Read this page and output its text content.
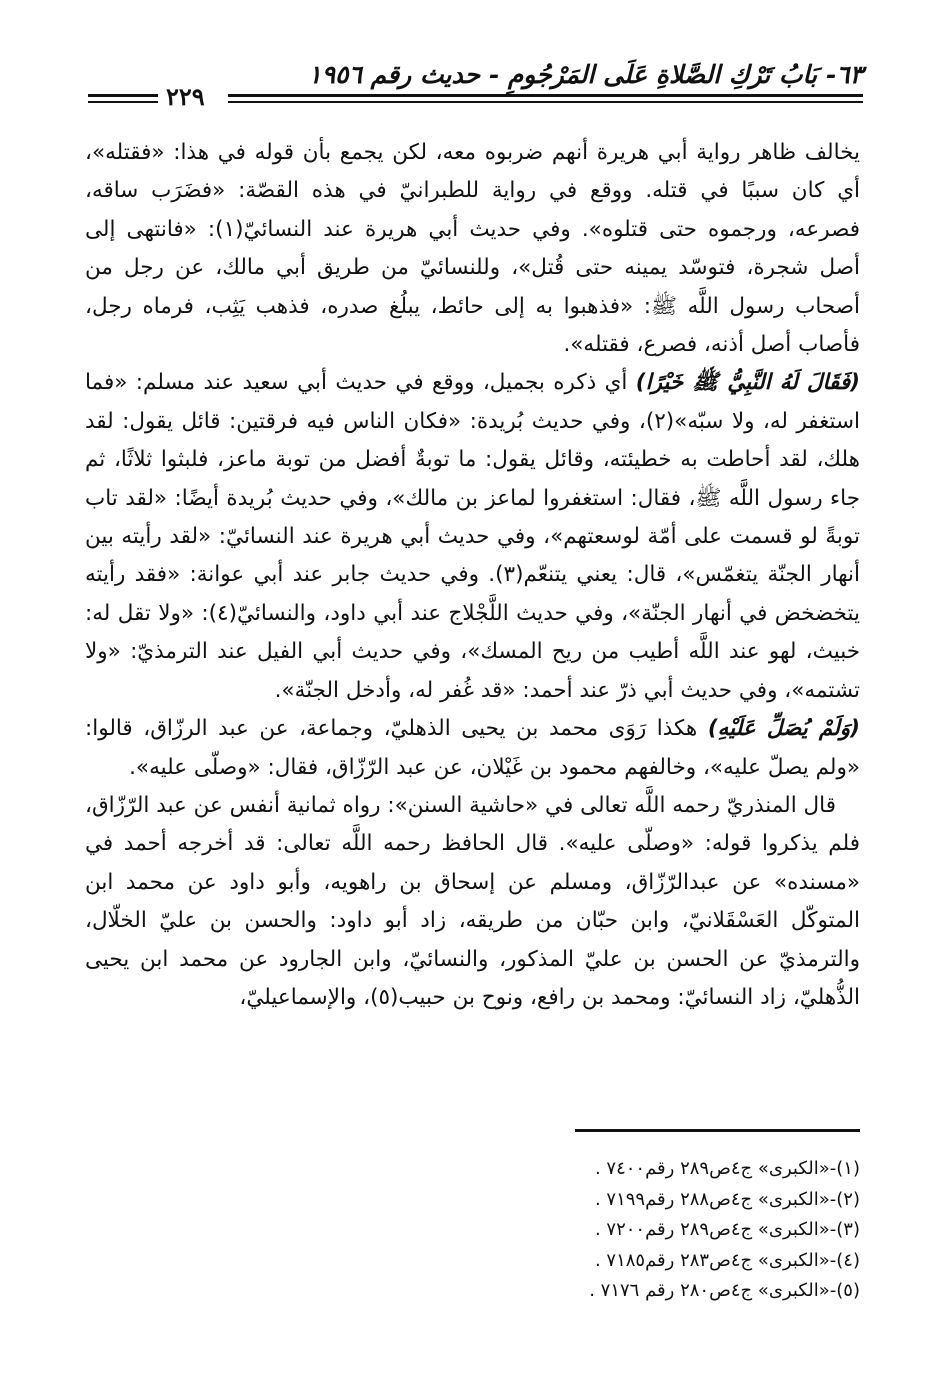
٦٣- بَابُ تَرْكِ الصَّلاةِ عَلَى المَرْجُومِ - حديث رقم ١٩٥٦
٢٢٩

يخالف ظاهر رواية أبي هريرة أنهم ضربوه معه، لكن يجمع بأن قوله في هذا: «فقتله»، أي كان سببًا في قتله. ووقع في رواية للطبرانيّ في هذه القصّة: «فضَرَب ساقه، فصرعه، ورجموه حتى قتلوه». وفي حديث أبي هريرة عند النسائيّ(١): «فانتهى إلى أصل شجرة، فتوسّد يمينه حتى قُتل»، وللنسائيّ من طريق أبي مالك، عن رجل من أصحاب رسول اللَّه ﷺ: «فذهبوا به إلى حائط، يبلُغ صدره، فذهب يَثِب، فرماه رجل، فأصاب أصل أذنه، فصرع، فقتله».

(فَقَالَ لَهُ النَّبِيُّ ﷺ خَيْرًا) أي ذكره بجميل، ووقع في حديث أبي سعيد عند مسلم: «فما استغفر له، ولا سبّه»(٢)، وفي حديث بُريدة: «فكان الناس فيه فرقتين: قائل يقول: لقد هلك، لقد أحاطت به خطيئته، وقائل يقول: ما توبةٌ أفضل من توبة ماعز، فلبثوا ثلاثًا، ثم جاء رسول اللَّه ﷺ، فقال: استغفروا لماعز بن مالك»، وفي حديث بُريدة أيضًا: «لقد تاب توبةً لو قسمت على أمّة لوسعتهم»، وفي حديث أبي هريرة عند النسائيّ: «لقد رأيته بين أنهار الجنّة يتغمّس»، قال: يعني يتنعّم(٣). وفي حديث جابر عند أبي عوانة: «فقد رأيته يتخضخض في أنهار الجنّة»، وفي حديث اللَّجْلاج عند أبي داود، والنسائيّ(٤): «ولا تقل له: خبيث، لهو عند اللَّه أطيب من ريح المسك»، وفي حديث أبي الفيل عند الترمذيّ: «ولا تشتمه»، وفي حديث أبي ذرّ عند أحمد: «قد غُفر له، وأدخل الجنّة».

(وَلَمْ يُصَلِّ عَلَيْهِ) هكذا رَوَى محمد بن يحيى الذهليّ، وجماعة، عن عبد الرزّاق، قالوا: «ولم يصلّ عليه»، وخالفهم محمود بن غَيْلان، عن عبد الرّزّاق، فقال: «وصلّى عليه».

قال المنذريّ رحمه اللَّه تعالى في «حاشية السنن»: رواه ثمانية أنفس عن عبد الرّزّاق، فلم يذكروا قوله: «وصلّى عليه». قال الحافظ رحمه اللَّه تعالى: قد أخرجه أحمد في «مسنده» عن عبدالرّزّاق، ومسلم عن إسحاق بن راهويه، وأبو داود عن محمد ابن المتوكّل العَسْقَلانيّ، وابن حبّان من طريقه، زاد أبو داود: والحسن بن عليّ الخلّال، والترمذيّ عن الحسن بن عليّ المذكور، والنسائيّ، وابن الجارود عن محمد ابن يحيى الذُّهليّ، زاد النسائيّ: ومحمد بن رافع، ونوح بن حبيب(٥)، والإسماعيليّ،

(١)-«الكبرى» ج٤ص٢٨٩ رقم٧٤٠٠ .
(٢)-«الكبرى» ج٤ص٢٨٨ رقم٧١٩٩ .
(٣)-«الكبرى» ج٤ص٢٨٩ رقم٧٢٠٠ .
(٤)-«الكبرى» ج٤ص٢٨٣ رقم٧١٨٥ .
(٥)-«الكبرى» ج٤ص٢٨٠ رقم ٧١٧٦ .
